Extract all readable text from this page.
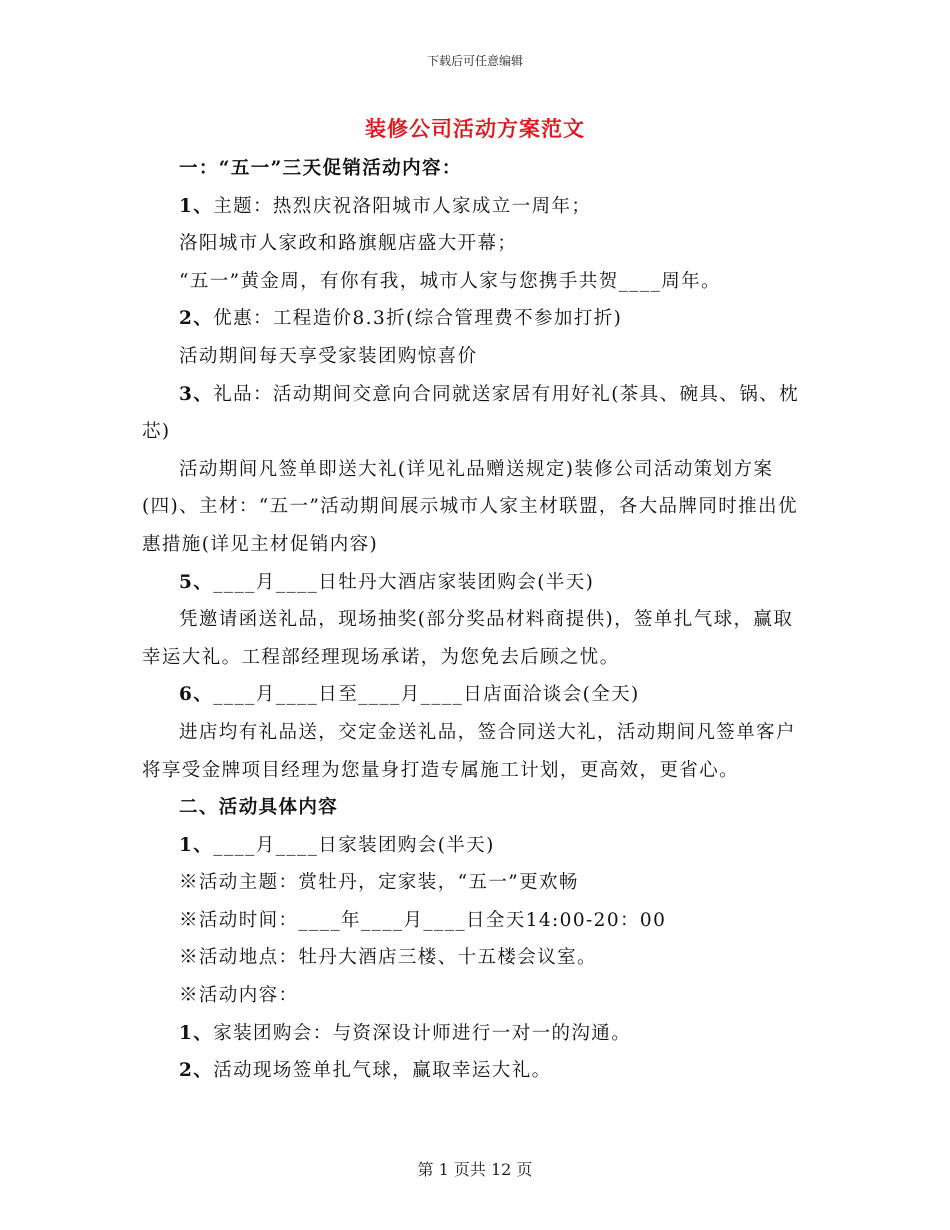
下载后可任意编辑
装修公司活动方案范文

一：“五一”三天促销活动内容：

1、主题：热烈庆祝洛阳城市人家成立一周年；

洛阳城市人家政和路旗舰店盛大开幕；

“五一”黄金周，有你有我，城市人家与您携手共贺____周年。

2、优惠：工程造价8.3折(综合管理费不参加打折)

活动期间每天享受家装团购惊喜价

3、礼品：活动期间交意向合同就送家居有用好礼(茶具、碗具、锅、枕芯)

活动期间凡签单即送大礼(详见礼品赠送规定)装修公司活动策划方案(四)、主材：“五一”活动期间展示城市人家主材联盟，各大品牌同时推出优惠措施(详见主材促销内容)

5、____月____日牡丹大酒店家装团购会(半天)

凭邀请函送礼品，现场抽奖(部分奖品材料商提供)，签单扎气球，赢取幸运大礼。工程部经理现场承诺，为您免去后顾之忧。

6、____月____日至____月____日店面洽谈会(全天)

进店均有礼品送，交定金送礼品，签合同送大礼，活动期间凡签单客户将享受金牌项目经理为您量身打造专属施工计划，更高效，更省心。

二、活动具体内容

1、____月____日家装团购会(半天)

※活动主题：赏牡丹，定家装，“五一”更欢畅

※活动时间：____年____月____日全天14:00-20：00

※活动地点：牡丹大酒店三楼、十五楼会议室。

※活动内容：

1、家装团购会：与资深设计师进行一对一的沟通。

2、活动现场签单扎气球，赢取幸运大礼。

第 1 页共 12 页
